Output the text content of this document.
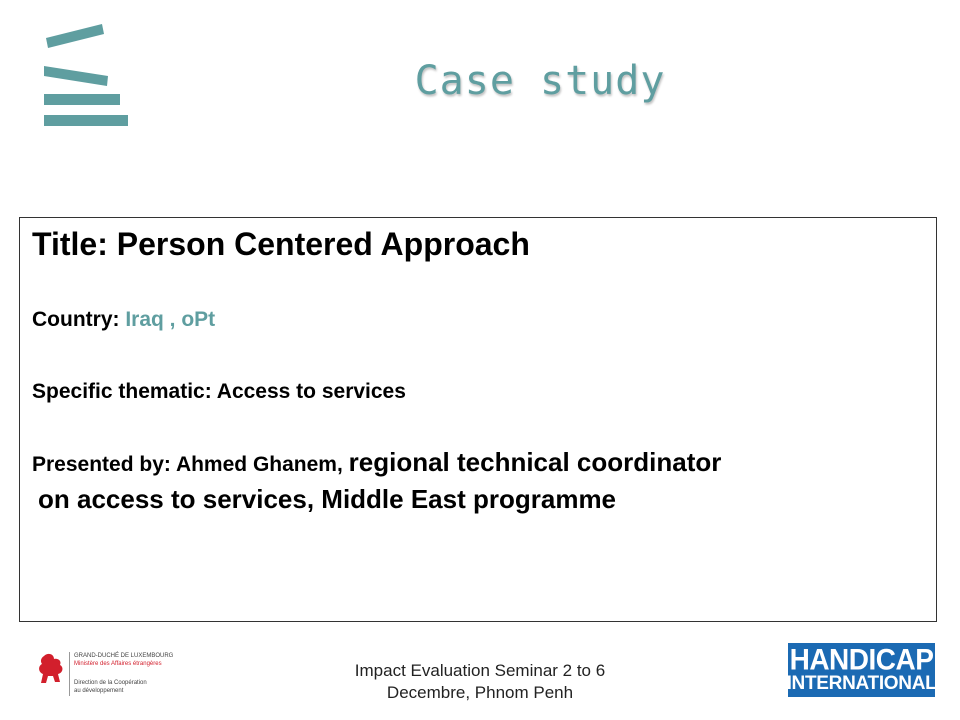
Case study
Title: Person Centered Approach
Country: Iraq , oPt
Specific thematic: Access to services
Presented by: Ahmed Ghanem, regional technical coordinator
on access to services, Middle East programme
GRAND-DUCHÉ DE LUXEMBOURG
Ministère des Affaires étrangères
Direction de la Coopération
au développement
Impact Evaluation Seminar 2 to 6
Decembre, Phnom Penh
HANDICAP
INTERNATIONAL
